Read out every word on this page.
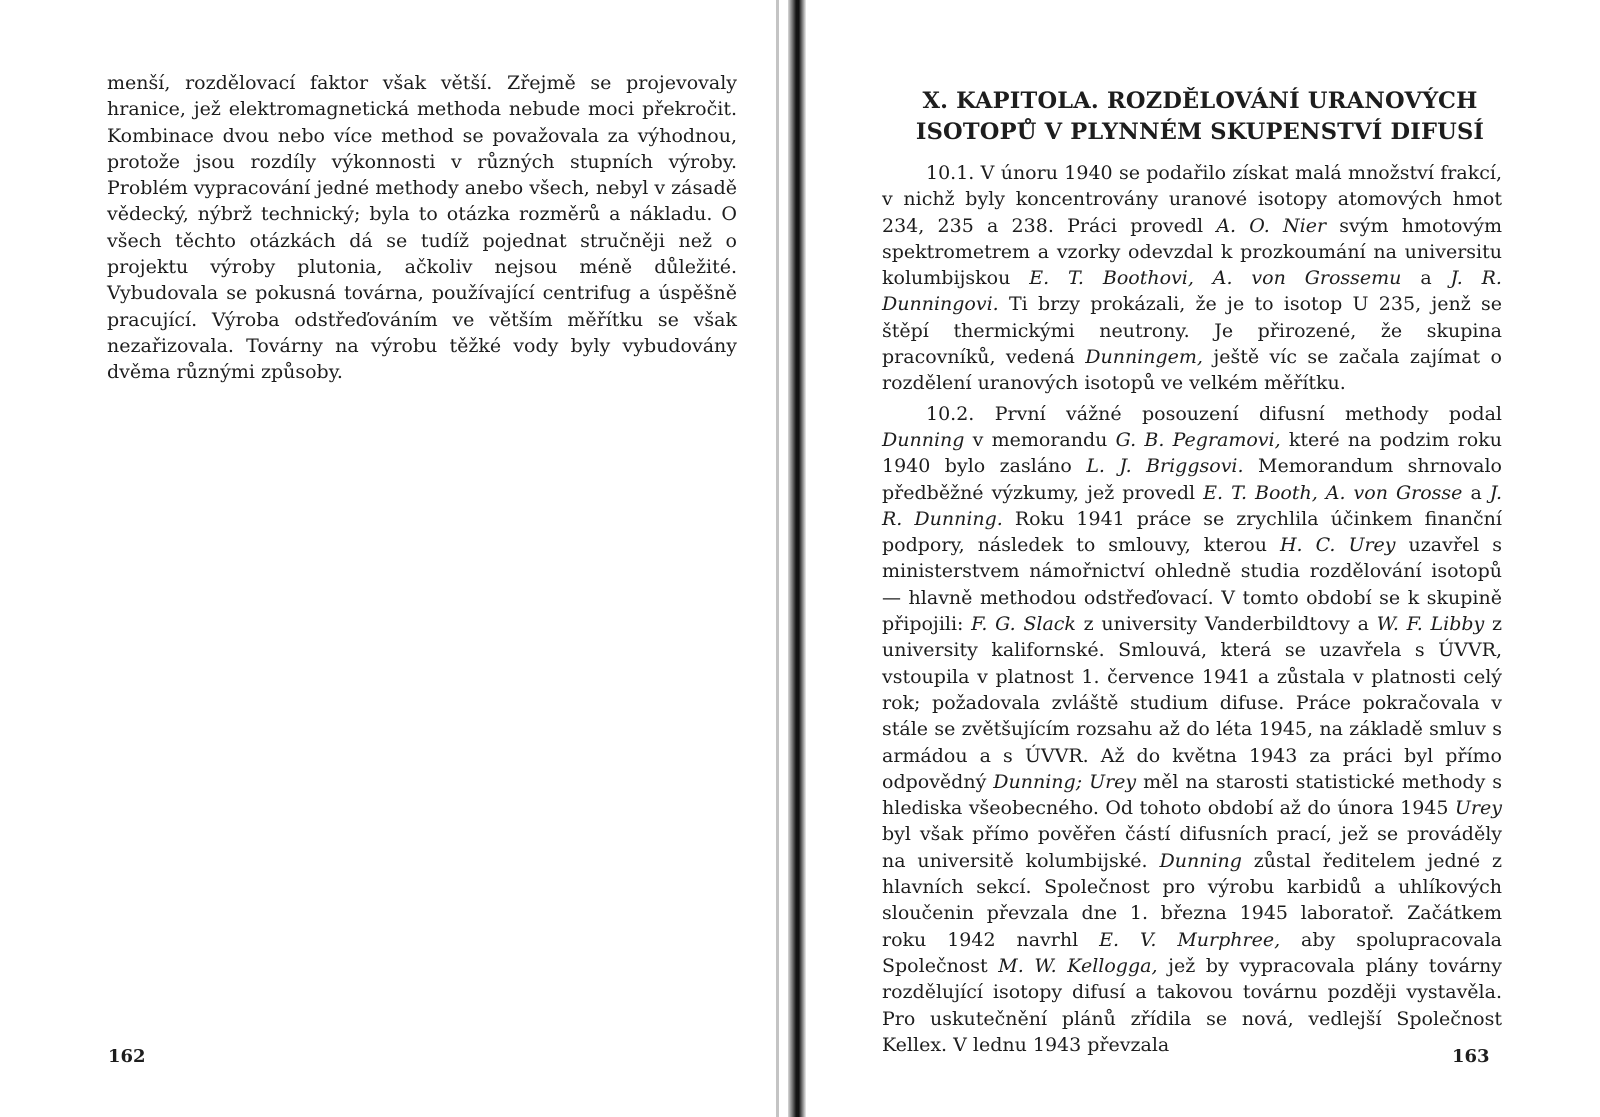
menší, rozdělovací faktor však větší. Zřejmě se projevovaly hranice, jež elektromagnetická methoda nebude moci překročit. Kombinace dvou nebo více method se považovala za výhodnou, protože jsou rozdíly výkonnosti v různých stupních výroby. Problém vypracování jedné methody anebo všech, nebyl v zásadě vědecký, nýbrž technický; byla to otázka rozměrů a nákladu. O všech těchto otázkách dá se tudíž pojednat stručněji než o projektu výroby plutonia, ačkoliv nejsou méně důležité. Vybudovala se pokusná továrna, používající centrifug a úspěšně pracující. Výroba odstřeďováním ve větším měřítku se však nezařizovala. Továrny na výrobu těžké vody byly vybudovány dvěma různými způsoby.

162
X. KAPITOLA. ROZDĚLOVÁNÍ URANOVÝCH
ISOTOPŮ V PLYNNÉM SKUPENSTVÍ DIFUSÍ

10.1. V únoru 1940 se podařilo získat malá množství frakcí, v nichž byly koncentrovány uranové isotopy atomových hmot 234, 235 a 238. Práci provedl A. O. Nier svým hmotovým spektrometrem a vzorky odevzdal k prozkoumání na universitu kolumbijskou E. T. Boothovi, A. von Grossemu a J. R. Dunningovi. Ti brzy prokázali, že je to isotop U 235, jenž se štěpí thermickými neutrony. Je přirozené, že skupina pracovníků, vedená Dunningem, ještě víc se začala zajímat o rozdělení uranových isotopů ve velkém měřítku.

10.2. První vážné posouzení difusní methody podal Dunning v memorandu G. B. Pegramovi, které na podzim roku 1940 bylo zasláno L. J. Briggsovi. Memorandum shrnovalo předběžné výzkumy, jež provedl E. T. Booth, A. von Grosse a J. R. Dunning. Roku 1941 práce se zrychlila účinkem finanční podpory, následek to smlouvy, kterou H. C. Urey uzavřel s ministerstvem námořnictví ohledně studia rozdělování isotopů — hlavně methodou odstřeďovací. V tomto období se k skupině připojili: F. G. Slack z university Vanderbildtovy a W. F. Libby z university kalifornské. Smlouvá, která se uzavřela s ÚVVR, vstoupila v platnost 1. července 1941 a zůstala v platnosti celý rok; požadovala zvláště studium difuse. Práce pokračovala v stále se zvětšujícím rozsahu až do léta 1945, na základě smluv s armádou a s ÚVVR. Až do května 1943 za práci byl přímo odpovědný Dunning; Urey měl na starosti statistické methody s hlediska všeobecného. Od tohoto období až do února 1945 Urey byl však přímo pověřen částí difusních prací, jež se prováděly na universitě kolumbijské. Dunning zůstal ředitelem jedné z hlavních sekcí. Společnost pro výrobu karbidů a uhlíkových sloučenin převzala dne 1. března 1945 laboratoř. Začátkem roku 1942 navrhl E. V. Murphree, aby spolupracovala Společnost M. W. Kellogga, jež by vypracovala plány továrny rozdělující isotopy difusí a takovou továrnu později vystavěla. Pro uskutečnění plánů zřídila se nová, vedlejší Společnost Kellex. V lednu 1943 převzala

163
